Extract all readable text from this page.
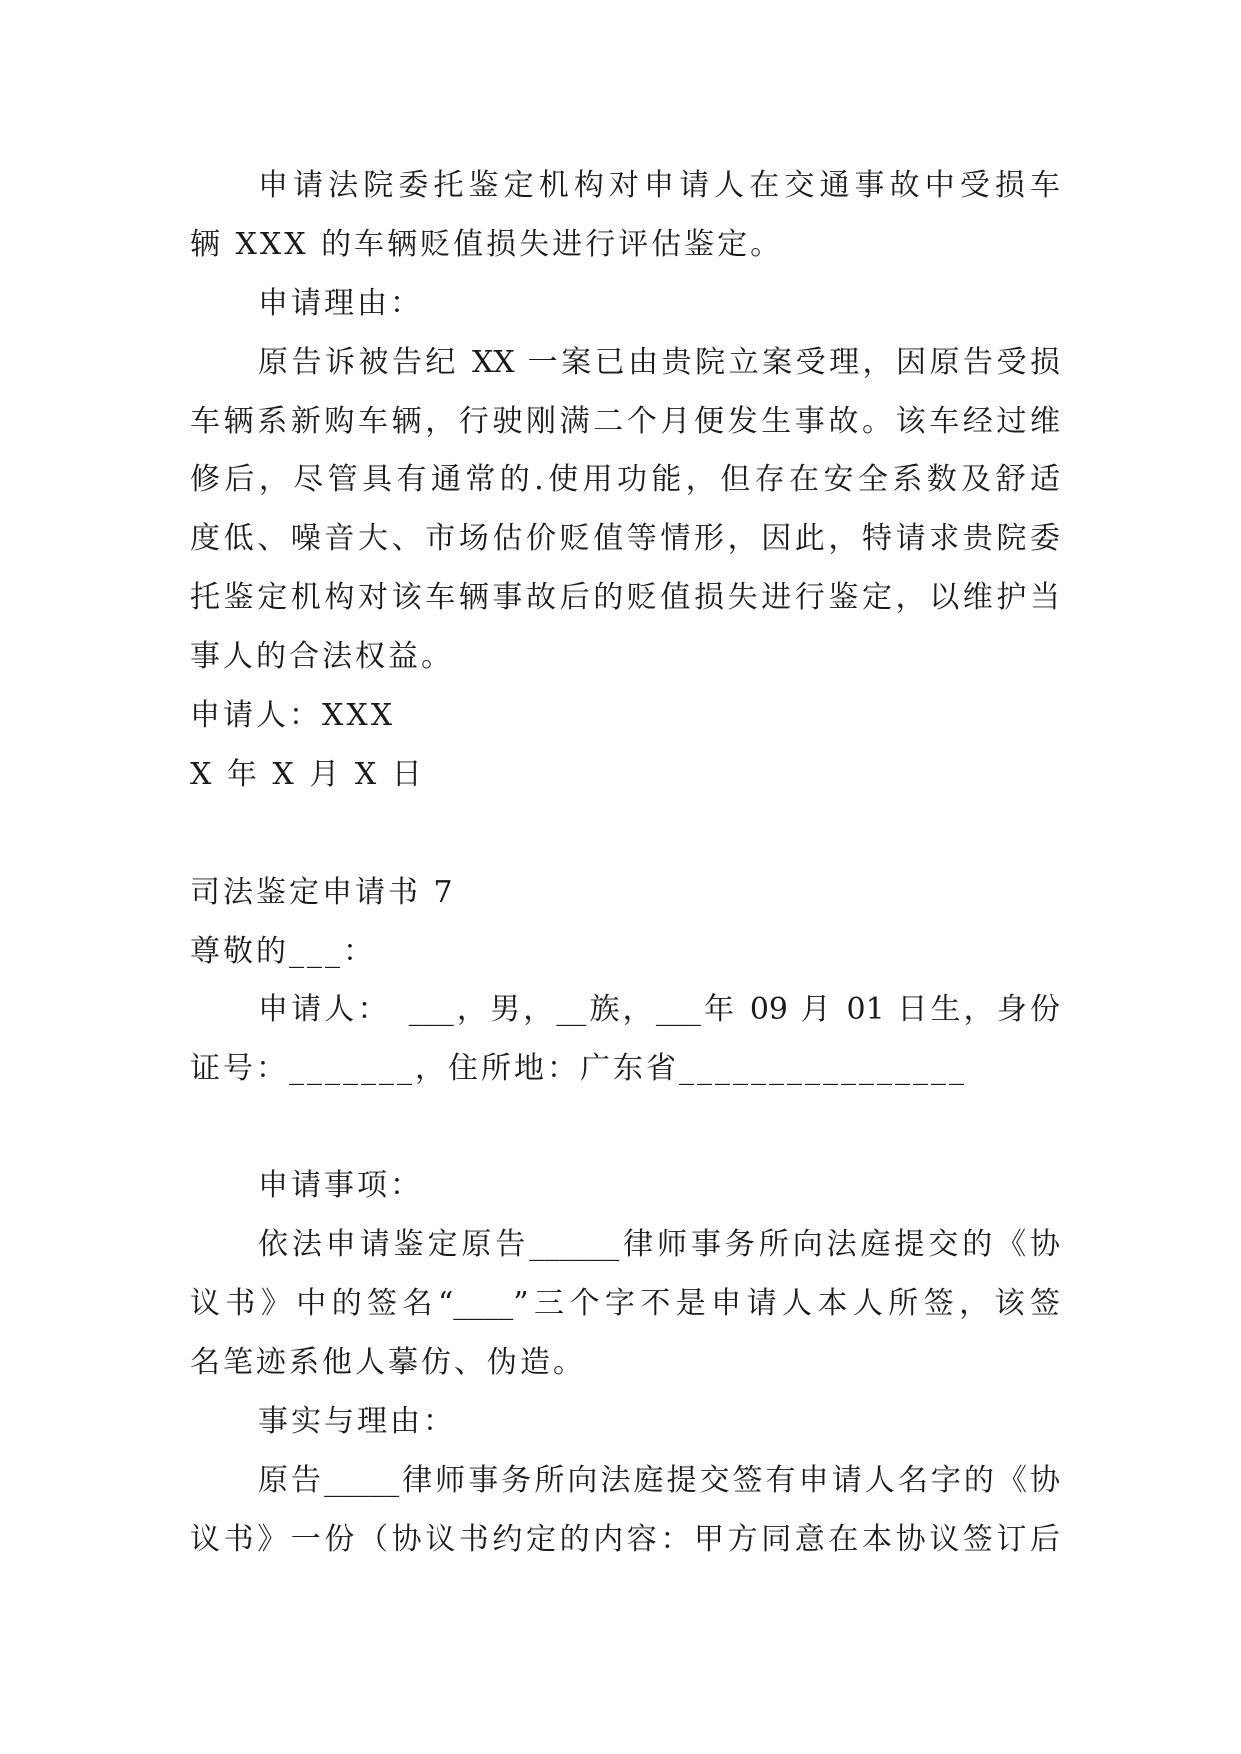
申请法院委托鉴定机构对申请人在交通事故中受损车
辆 XXX 的车辆贬值损失进行评估鉴定。
申请理由：
原告诉被告纪 XX 一案已由贵院立案受理，因原告受损
车辆系新购车辆，行驶刚满二个月便发生事故。该车经过维
修后，尽管具有通常的.使用功能，但存在安全系数及舒适
度低、噪音大、市场估价贬值等情形，因此，特请求贵院委
托鉴定机构对该车辆事故后的贬值损失进行鉴定，以维护当
事人的合法权益。
申请人：XXX
X 年 X 月 X 日
司法鉴定申请书 7
尊敬的___：
申请人：　___，男，__族，___年 09 月 01 日生，身份
证号：_______，住所地：广东省________________
申请事项：
依法申请鉴定原告______律师事务所向法庭提交的《协
议书》中的签名“____”三个字不是申请人本人所签，该签
名笔迹系他人摹仿、伪造。
事实与理由：
原告_____律师事务所向法庭提交签有申请人名字的《协
议书》一份（协议书约定的内容：甲方同意在本协议签订后
